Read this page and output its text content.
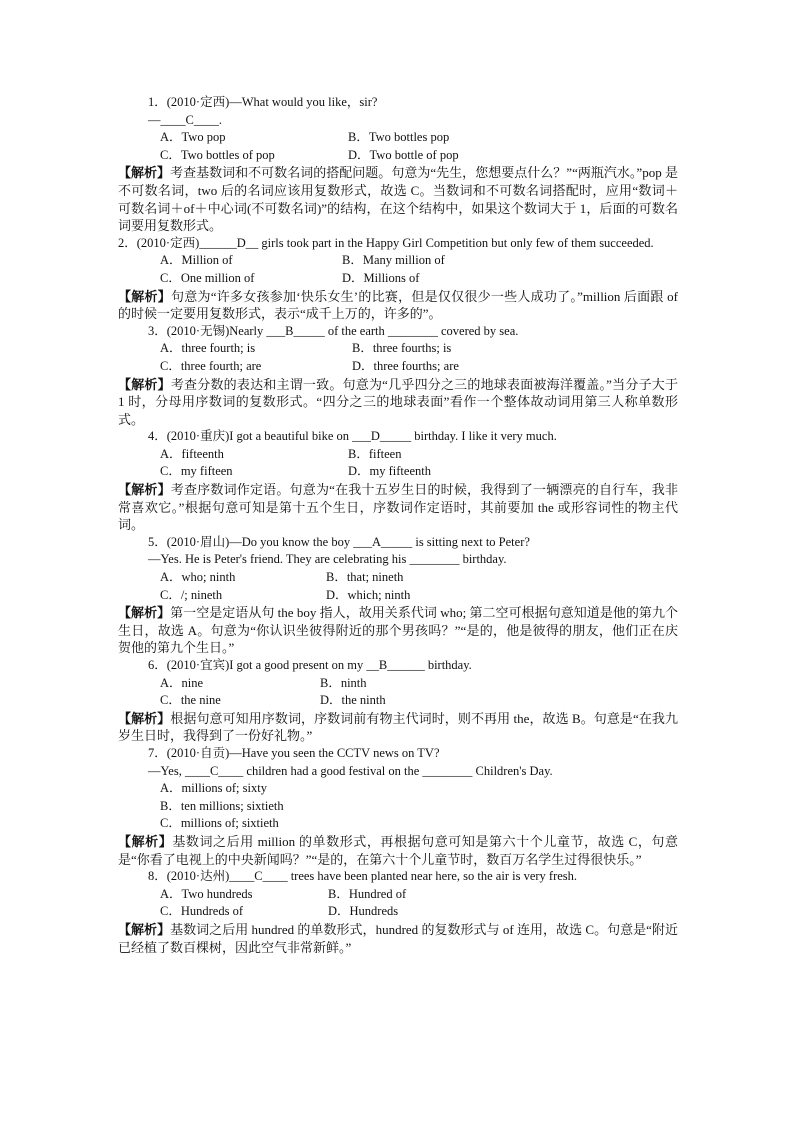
1．(2010·定西)—What would you like，sir?
—____C____.
A．Two pop	B．Two bottles pop
C．Two bottles of pop	D．Two bottle of pop

【解析】考查基数词和不可数名词的搭配问题。句意为“先生，您想要点什么？”“两瓶汽水。”pop 是不可数名词，two 后的名词应该用复数形式，故选 C。当数词和不可数名词搭配时，应用“数词＋可数名词＋of＋中心词(不可数名词)”的结构，在这个结构中，如果这个数词大于 1，后面的可数名词要用复数形式。

2．(2010·定西)______D__ girls took part in the Happy Girl Competition but only few of them succeeded.
A．Million of	B．Many million of
C．One million of	D．Millions of

【解析】句意为“许多女孩参加‘快乐女生’的比赛，但是仅仅很少一些人成功了。”million 后面跟 of 的时候一定要用复数形式，表示“成千上万的，许多的”。

3．(2010·无锡)Nearly ___B_____ of the earth ________ covered by sea.
A．three fourth; is	B．three fourths; is
C．three fourth; are	D．three fourths; are

【解析】考查分数的表达和主谓一致。句意为“几乎四分之三的地球表面被海洋覆盖。”当分子大于 1 时，分母用序数词的复数形式。“四分之三的地球表面”看作一个整体故动词用第三人称单数形式。

4．(2010·重庆)I got a beautiful bike on ___D_____ birthday. I like it very much.
A．fifteenth	B．fifteen
C．my fifteen	D．my fifteenth

【解析】考查序数词作定语。句意为“在我十五岁生日的时候，我得到了一辆漂亮的自行车，我非常喜欢它。”根据句意可知是第十五个生日，序数词作定语时，其前要加 the 或形容词性的物主代词。

5．(2010·眉山)—Do you know the boy ___A_____ is sitting next to Peter?
—Yes. He is Peter's friend. They are celebrating his ________ birthday.
A．who; ninth	B．that; nineth
C．/; nineth	D．which; ninth

【解析】第一空是定语从句 the boy 指人，故用关系代词 who; 第二空可根据句意知道是他的第九个生日，故选 A。句意为“你认识坐彼得附近的那个男孩吗？”“是的，他是彼得的朋友，他们正在庆贺他的第九个生日。”

6．(2010·宜宾)I got a good present on my __B______ birthday.
A．nine	B．ninth
C．the nine	D．the ninth

【解析】根据句意可知用序数词，序数词前有物主代词时，则不再用 the，故选 B。句意是“在我九岁生日时，我得到了一份好礼物。”

7．(2010·自贡)—Have you seen the CCTV news on TV?
—Yes, ____C____ children had a good festival on the ________ Children's Day.
A．millions of; sixty
B．ten millions; sixtieth
C．millions of; sixtieth

【解析】基数词之后用 million 的单数形式，再根据句意可知是第六十个儿童节，故选 C，句意是“你看了电视上的中央新闻吗？”“是的，在第六十个儿童节时，数百万名学生过得很快乐。”

8．(2010·达州)____C____ trees have been planted near here, so the air is very fresh.
A．Two hundreds	B．Hundred of
C．Hundreds of	D．Hundreds

【解析】基数词之后用 hundred 的单数形式，hundred 的复数形式与 of 连用，故选 C。句意是“附近已经植了数百棵树，因此空气非常新鲜。”
